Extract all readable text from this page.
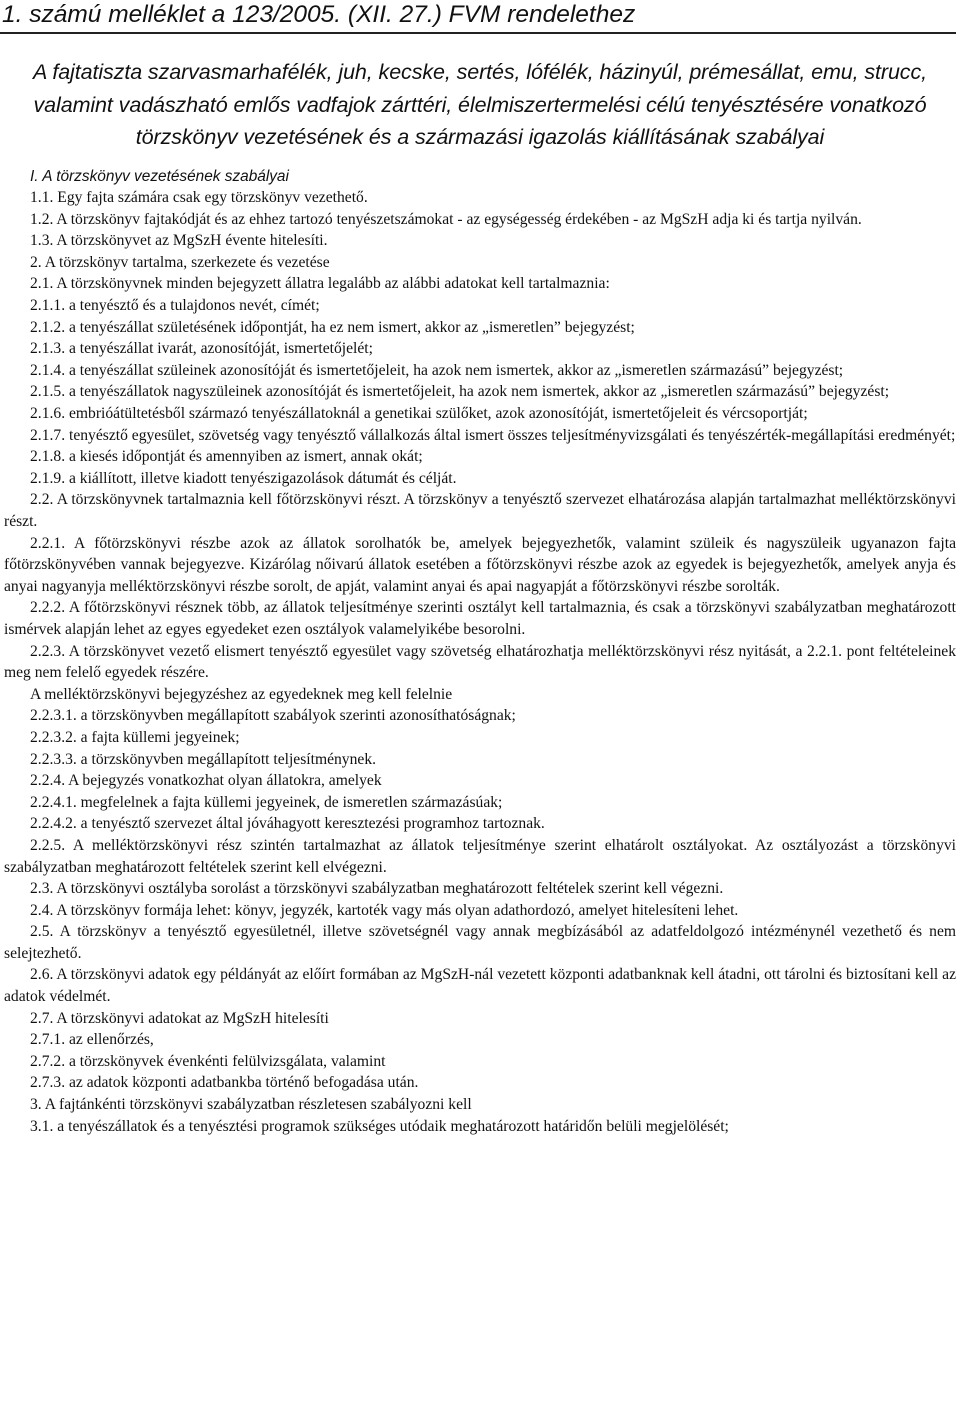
1. számú melléklet a 123/2005. (XII. 27.) FVM rendelethez
A fajtatiszta szarvasmarhafélék, juh, kecske, sertés, lófélék, házinyúl, prémesállat, emu, strucc, valamint vadászható emlős vadfajok zárttéri, élelmiszertermelési célú tenyésztésére vonatkozó törzskönyv vezetésének és a származási igazolás kiállításának szabályai

I. A törzskönyv vezetésének szabályai

1.1. Egy fajta számára csak egy törzskönyv vezethető.

1.2. A törzskönyv fajtakódját és az ehhez tartozó tenyészetszámokat - az egységesség érdekében - az MgSzH adja ki és tartja nyilván.

1.3. A törzskönyvet az MgSzH évente hitelesíti.

2. A törzskönyv tartalma, szerkezete és vezetése

2.1. A törzskönyvnek minden bejegyzett állatra legalább az alábbi adatokat kell tartalmaznia:

2.1.1. a tenyésztő és a tulajdonos nevét, címét;

2.1.2. a tenyészállat születésének időpontját, ha ez nem ismert, akkor az „ismeretlen” bejegyzést;

2.1.3. a tenyészállat ivarát, azonosítóját, ismertetőjelét;

2.1.4. a tenyészállat szüleinek azonosítóját és ismertetőjeleit, ha azok nem ismertek, akkor az „ismeretlen származású” bejegyzést;

2.1.5. a tenyészállatok nagyszüleinek azonosítóját és ismertetőjeleit, ha azok nem ismertek, akkor az „ismeretlen származású” bejegyzést;

2.1.6. embrióátültetésből származó tenyészállatoknál a genetikai szülőket, azok azonosítóját, ismertetőjeleit és vércsoportját;

2.1.7. tenyésztő egyesület, szövetség vagy tenyésztő vállalkozás által ismert összes teljesítményvizsgálati és tenyészérték-megállapítási eredményét;

2.1.8. a kiesés időpontját és amennyiben az ismert, annak okát;

2.1.9. a kiállított, illetve kiadott tenyészigazolások dátumát és célját.

2.2. A törzskönyvnek tartalmaznia kell főtörzskönyvi részt. A törzskönyv a tenyésztő szervezet elhatározása alapján tartalmazhat melléktörzskönyvi részt.

2.2.1. A főtörzskönyvi részbe azok az állatok sorolhatók be, amelyek bejegyezhetők, valamint szüleik és nagyszüleik ugyanazon fajta főtörzskönyvében vannak bejegyezve. Kizárólag nőivarú állatok esetében a főtörzskönyvi részbe azok az egyedek is bejegyezhetők, amelyek anyja és anyai nagyanyja melléktörzskönyvi részbe sorolt, de apját, valamint anyai és apai nagyapját a főtörzskönyvi részbe sorolták.

2.2.2. A főtörzskönyvi résznek több, az állatok teljesítménye szerinti osztályt kell tartalmaznia, és csak a törzskönyvi szabályzatban meghatározott ismérvek alapján lehet az egyes egyedeket ezen osztályok valamelyikébe besorolni.

2.2.3. A törzskönyvet vezető elismert tenyésztő egyesület vagy szövetség elhatározhatja melléktörzskönyvi rész nyitását, a 2.2.1. pont feltételeinek meg nem felelő egyedek részére.

A melléktörzskönyvi bejegyzéshez az egyedeknek meg kell felelnie

2.2.3.1. a törzskönyvben megállapított szabályok szerinti azonosíthatóságnak;

2.2.3.2. a fajta küllemi jegyeinek;

2.2.3.3. a törzskönyvben megállapított teljesítménynek.

2.2.4. A bejegyzés vonatkozhat olyan állatokra, amelyek

2.2.4.1. megfelelnek a fajta küllemi jegyeinek, de ismeretlen származásúak;

2.2.4.2. a tenyésztő szervezet által jóváhagyott keresztezési programhoz tartoznak.

2.2.5. A melléktörzskönyvi rész szintén tartalmazhat az állatok teljesítménye szerint elhatárolt osztályokat. Az osztályozást a törzskönyvi szabályzatban meghatározott feltételek szerint kell elvégezni.

2.3. A törzskönyvi osztályba sorolást a törzskönyvi szabályzatban meghatározott feltételek szerint kell végezni.

2.4. A törzskönyv formája lehet: könyv, jegyzék, kartoték vagy más olyan adathordozó, amelyet hitelesíteni lehet.

2.5. A törzskönyv a tenyésztő egyesületnél, illetve szövetségnél vagy annak megbízásából az adatfeldolgozó intézménynél vezethető és nem selejtezhető.

2.6. A törzskönyvi adatok egy példányát az előírt formában az MgSzH-nál vezetett központi adatbanknak kell átadni, ott tárolni és biztosítani kell az adatok védelmét.

2.7. A törzskönyvi adatokat az MgSzH hitelesíti

2.7.1. az ellenőrzés,

2.7.2. a törzskönyvek évenkénti felülvizsgálata, valamint

2.7.3. az adatok központi adatbankba történő befogadása után.

3. A fajtánkénti törzskönyvi szabályzatban részletesen szabályozni kell

3.1. a tenyészállatok és a tenyésztési programok szükséges utódaik meghatározott határidőn belüli megjelölését;
